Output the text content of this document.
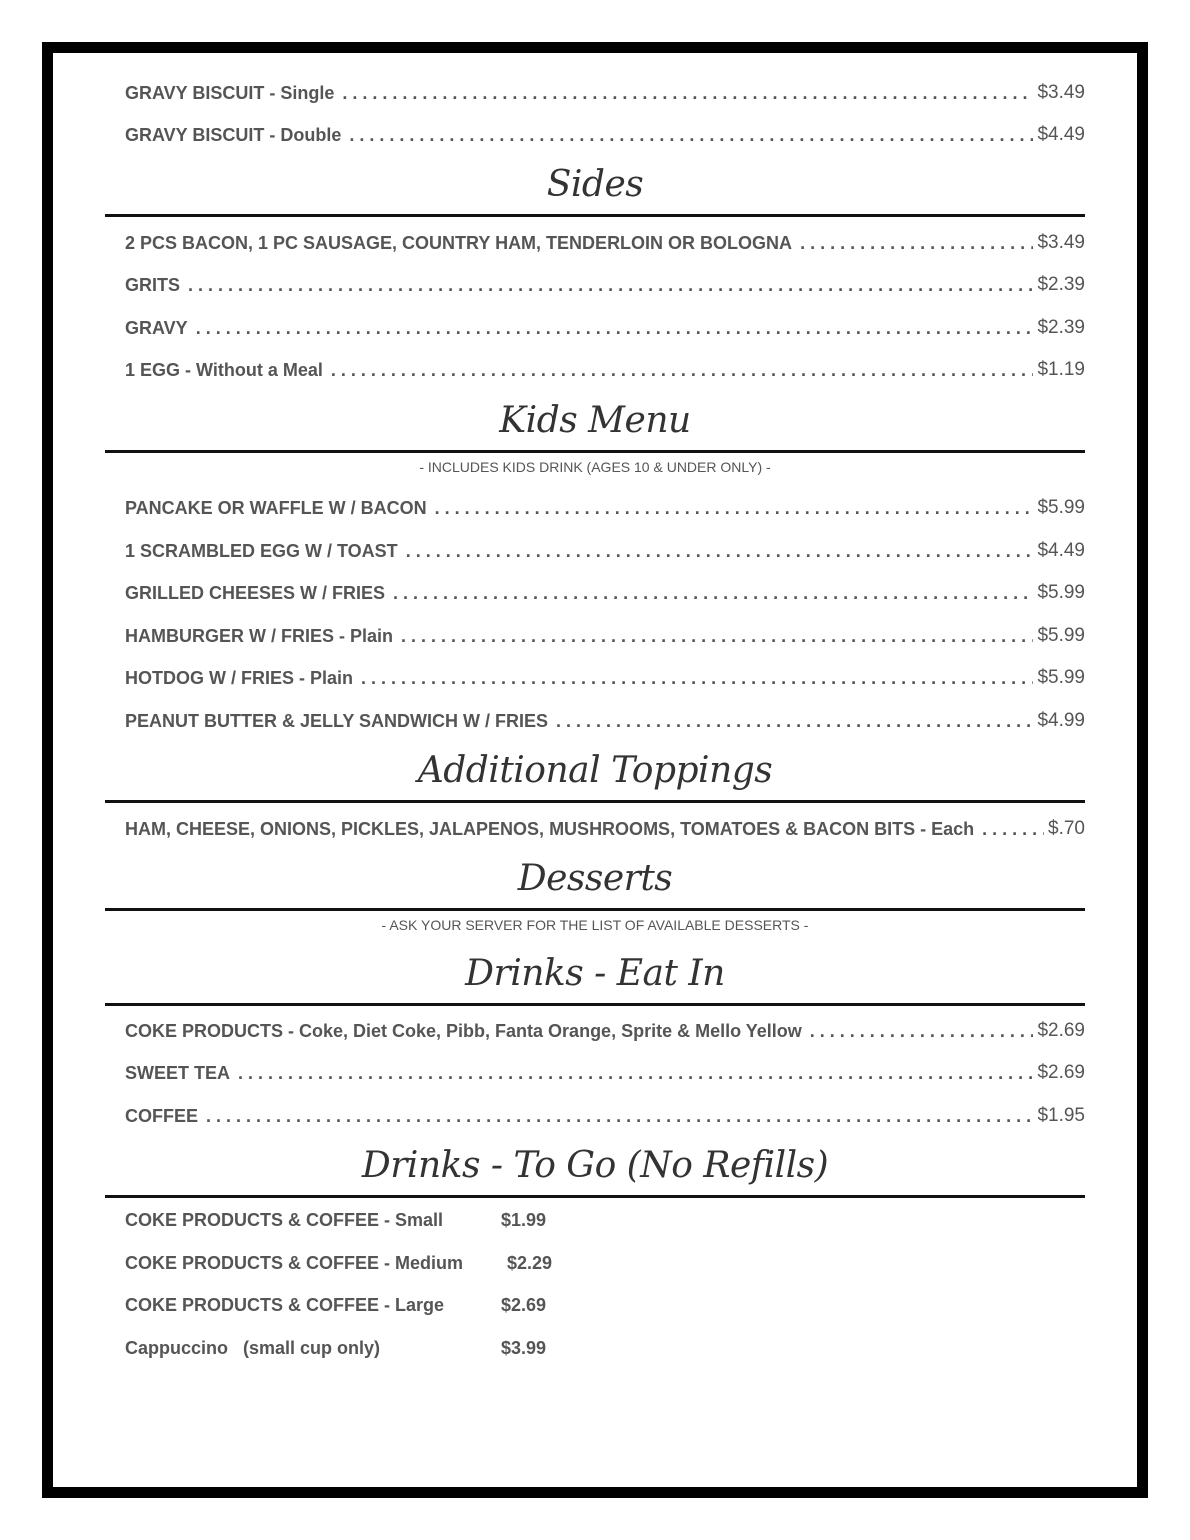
GRAVY BISCUIT - Single . . .	$3.49
GRAVY BISCUIT - Double . . .	$4.49
Sides
2 PCS BACON, 1 PC SAUSAGE, COUNTRY HAM, TENDERLOIN OR BOLOGNA . . .	$3.49
GRITS . . .	$2.39
GRAVY . . .	$2.39
1 EGG - Without a Meal . . .	$1.19
Kids Menu
- INCLUDES KIDS DRINK (AGES 10 & UNDER ONLY) -
PANCAKE OR WAFFLE W / BACON . . .	$5.99
1 SCRAMBLED EGG W / TOAST . . .	$4.49
GRILLED CHEESES W / FRIES . . .	$5.99
HAMBURGER W / FRIES - Plain . . .	$5.99
HOTDOG W / FRIES - Plain . . .	$5.99
PEANUT BUTTER & JELLY SANDWICH W / FRIES . . .	$4.99
Additional Toppings
HAM, CHEESE, ONIONS, PICKLES, JALAPENOS, MUSHROOMS, TOMATOES & BACON BITS - Each . . .	$.70
Desserts
- ASK YOUR SERVER FOR THE LIST OF AVAILABLE DESSERTS -
Drinks - Eat In
COKE PRODUCTS - Coke, Diet Coke, Pibb, Fanta Orange, Sprite & Mello Yellow . . .	$2.69
SWEET TEA . . .	$2.69
COFFEE . . .	$1.95
Drinks - To Go (No Refills)
COKE PRODUCTS & COFFEE - Small	$1.99
COKE PRODUCTS & COFFEE - Medium $2.29
COKE PRODUCTS & COFFEE - Large	$2.69
Cappuccino   (small cup only)	$3.99
